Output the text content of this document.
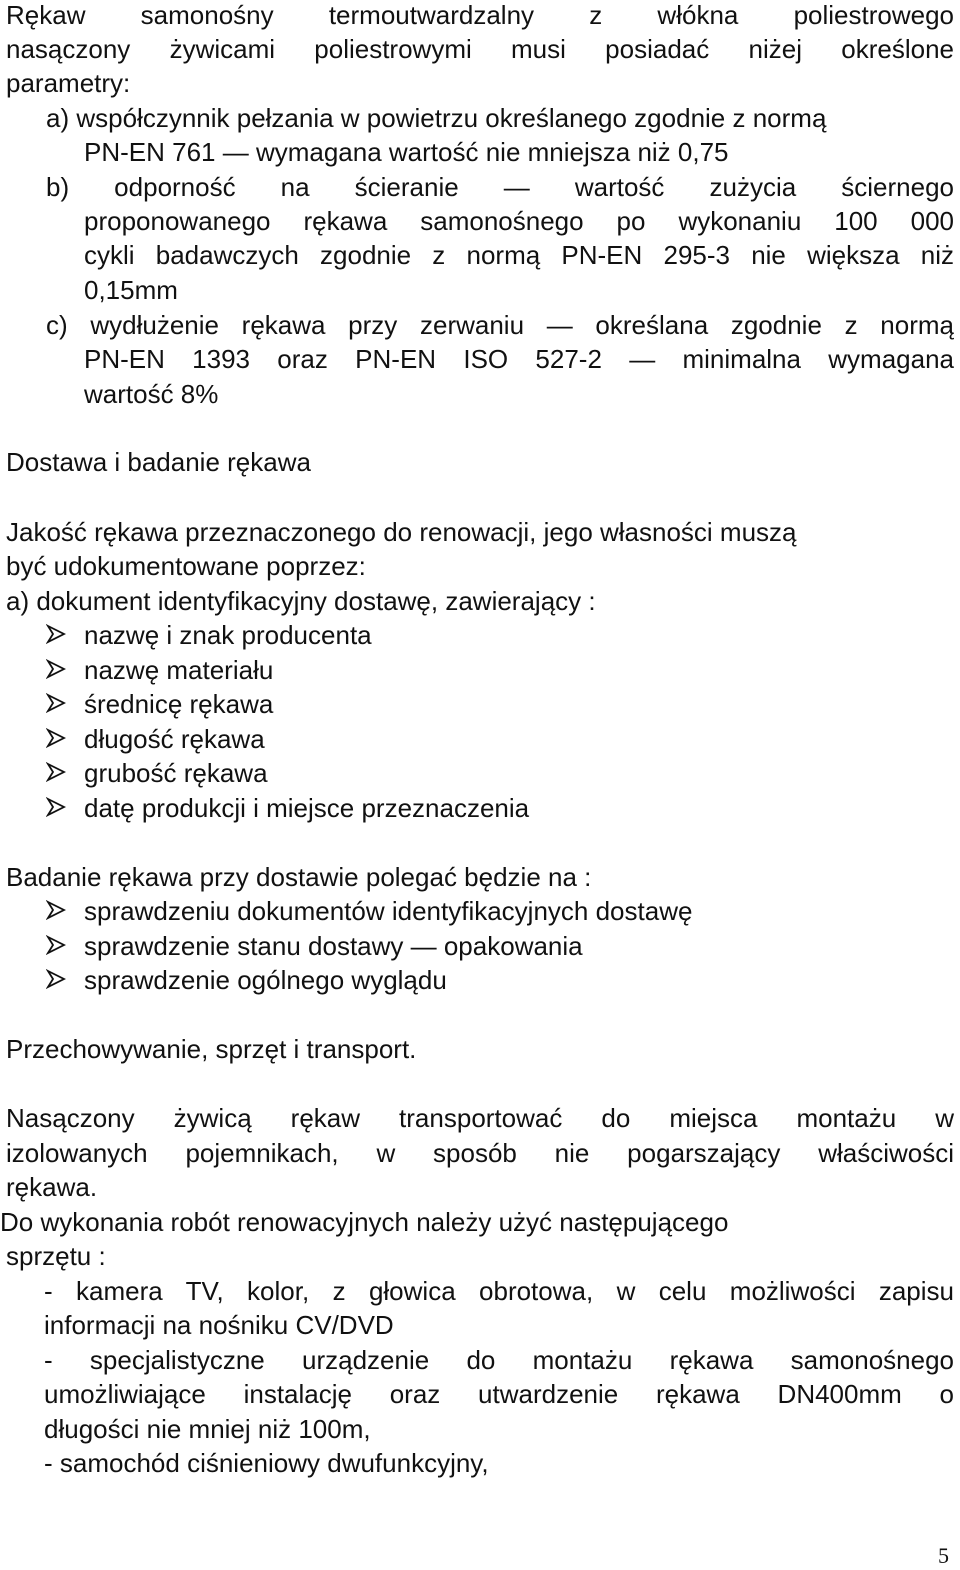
Rękaw samonośny termoutwardzalny z włókna poliestrowego
nasączony żywicami poliestrowymi musi posiadać niżej określone
parametry:
a) współczynnik pełzania w powietrzu określanego zgodnie z normą
PN-EN 761 — wymagana wartość nie mniejsza niż 0,75
b) odporność na ścieranie — wartość zużycia ściernego
proponowanego rękawa samonośnego po wykonaniu 100 000
cykli badawczych zgodnie z normą PN-EN 295-3 nie większa niż
0,15mm
c) wydłużenie rękawa przy zerwaniu — określana zgodnie z normą
PN-EN 1393 oraz PN-EN ISO 527-2 — minimalna wymagana
wartość 8%
Dostawa i badanie rękawa
Jakość rękawa przeznaczonego do renowacji, jego własności muszą
być udokumentowane poprzez:
a) dokument identyfikacyjny dostawę, zawierający :
nazwę i znak producenta
nazwę materiału
średnicę rękawa
długość rękawa
grubość rękawa
datę produkcji i miejsce przeznaczenia
Badanie rękawa przy dostawie polegać będzie na :
sprawdzeniu dokumentów identyfikacyjnych dostawę
sprawdzenie stanu dostawy — opakowania
sprawdzenie ogólnego wyglądu
Przechowywanie, sprzęt i transport.
Nasączony żywicą rękaw transportować do miejsca montażu w
izolowanych pojemnikach, w sposób nie pogarszający właściwości
rękawa.
Do wykonania robót renowacyjnych należy użyć następującego
sprzętu :
- kamera TV, kolor, z głowica obrotowa, w celu możliwości zapisu
informacji na nośniku CV/DVD
- specjalistyczne urządzenie do montażu rękawa samonośnego
umożliwiające instalację oraz utwardzenie rękawa DN400mm o
długości nie mniej niż 100m,
- samochód ciśnieniowy dwufunkcyjny,
5
